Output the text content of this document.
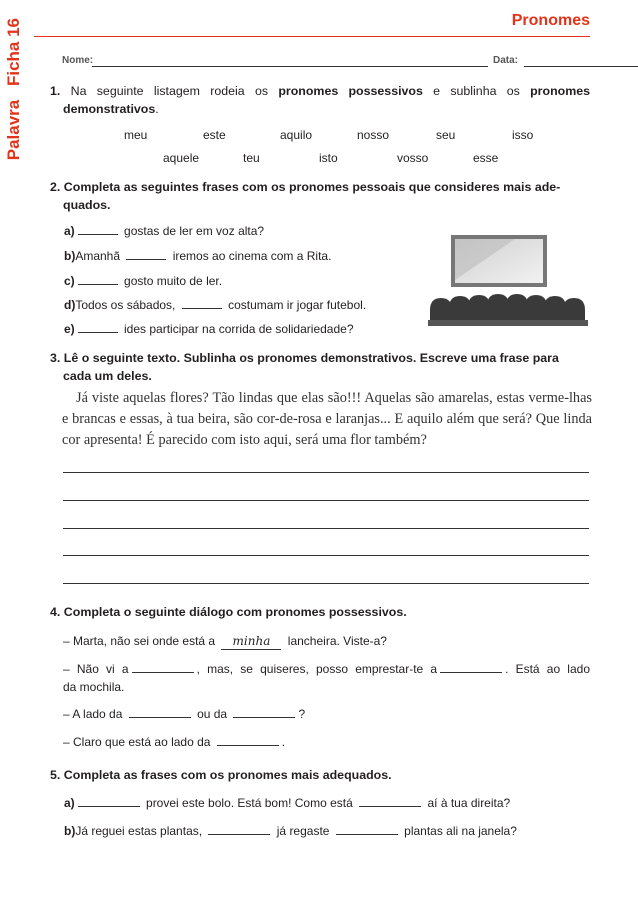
Ficha 16
Palavra
Pronomes
Nome:	Data:
1. Na seguinte listagem rodeia os pronomes possessivos e sublinha os pronomes
demonstrativos.
meu	este	aquilo	nosso	seu	isso
aquele	teu	isto	vosso	esse
2. Completa as seguintes frases com os pronomes pessoais que consideres mais ade-
quados.
a)	gostas de ler em voz alta?
b)Amanhã	iremos ao cinema com a Rita.
c)	gosto muito de ler.
d)Todos os sábados,	costumam ir jogar futebol.
e)	ides participar na corrida de solidariedade?
3. Lê o seguinte texto. Sublinha os pronomes demonstrativos. Escreve uma frase para
cada um deles.
Já viste aquelas flores? Tão lindas que elas são!!! Aquelas são amarelas, estas verme-lhas e brancas e essas, à tua beira, são cor-de-rosa e laranjas... E aquilo além que será? Que linda cor apresenta! É parecido com isto aqui, será uma flor também?
4. Completa o seguinte diálogo com pronomes possessivos.
– Marta, não sei onde está a minha lancheira. Viste-a?
– Não vi a	, mas, se quiseres, posso emprestar-te a	. Está ao lado
da mochila.
– A lado da	ou da	?
– Claro que está ao lado da	.
5. Completa as frases com os pronomes mais adequados.
a)	provei este bolo. Está bom! Como está	aí à tua direita?
b)Já reguei estas plantas,	já regaste	plantas ali na janela?
